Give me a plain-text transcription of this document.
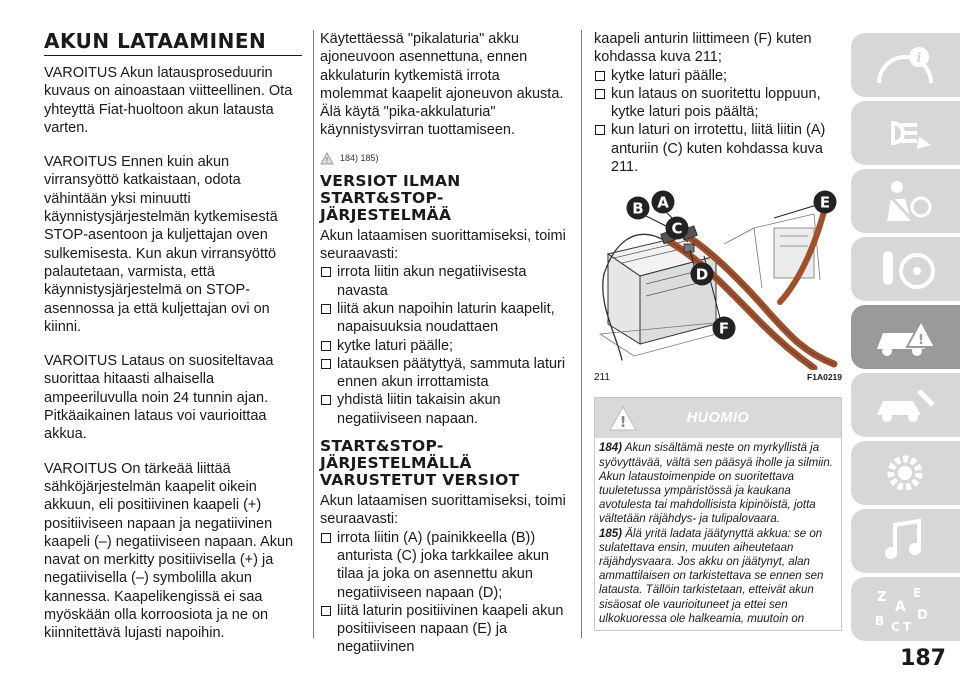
AKUN LATAAMINEN

VAROITUS Akun latausproseduurin kuvaus on ainoastaan viitteellinen. Ota yhteyttä Fiat-huoltoon akun latausta varten.

VAROITUS Ennen kuin akun virransyöttö katkaistaan, odota vähintään yksi minuutti käynnistysjärjestelmän kytkemisestä STOP-asentoon ja kuljettajan oven sulkemisesta. Kun akun virransyöttö palautetaan, varmista, että käynnistysjärjestelmä on STOP-asennossa ja että kuljettajan ovi on kiinni.

VAROITUS Lataus on suositeltavaa suorittaa hitaasti alhaisella ampeeriluvulla noin 24 tunnin ajan. Pitkäaikainen lataus voi vaurioittaa akkua.

VAROITUS On tärkeää liittää sähköjärjestelmän kaapelit oikein akkuun, eli positiivinen kaapeli (+) positiiviseen napaan ja negatiivinen kaapeli (–) negatiiviseen napaan. Akun navat on merkitty positiivisella (+) ja negatiivisella (–) symbolilla akun kannessa. Kaapelikengissä ei saa myöskään olla korroosiota ja ne on kiinnitettävä lujasti napoihin.

Käytettäessä "pikalaturia" akku ajoneuvoon asennettuna, ennen akkulaturin kytkemistä irrota molemmat kaapelit ajoneuvon akusta. Älä käytä "pika-akkulaturia" käynnistysvirran tuottamiseen.

! 184) 185)
VERSIOT ILMAN START&STOP-JÄRJESTELMÄÄ

Akun lataamisen suorittamiseksi, toimi seuraavasti:

irrota liitin akun negatiivisesta navasta
liitä akun napoihin laturin kaapelit, napaisuuksia noudattaen
kytke laturi päälle;
latauksen päätyttyä, sammuta laturi ennen akun irrottamista
yhdistä liitin takaisin akun negatiiviseen napaan.
START&STOP-JÄRJESTELMÄLLÄ VARUSTETUT VERSIOT

Akun lataamisen suorittamiseksi, toimi seuraavasti:

irrota liitin (A) (painikkeella (B)) anturista (C) joka tarkkailee akun tilaa ja joka on asennettu akun negatiiviseen napaan (D);
liitä laturin positiivinen kaapeli akun positiiviseen napaan (E) ja negatiivinen

kaapeli anturin liittimeen (F) kuten kohdassa kuva 211;

kytke laturi päälle;
kun lataus on suoritettu loppuun, kytke laturi pois päältä;
kun laturi on irrotettu, liitä liitin (A) anturiin (C) kuten kohdassa kuva 211.
B A
C
D
E
F
211	F1A0219
!	HUOMIO
184) Akun sisältämä neste on myrkyllistä ja syövyttävää, vältä sen pääsyä iholle ja silmiin. Akun lataustoimenpide on suoritettava tuuletetussa ympäristössä ja kaukana avotulesta tai mahdollisista kipinöistä, jotta vältetään räjähdys- ja tulipalovaara.
185) Älä yritä ladata jäätynyttä akkua: se on sulatettava ensin, muuten aiheutetaan räjähdysvaara. Jos akku on jäätynyt, alan ammattilaisen on tarkistettava se ennen sen latausta. Tällöin tarkistetaan, etteivät akun sisäosat ole vaurioituneet ja ettei sen ulkokuoressa ole halkeamia, muutoin on
i
!
Z E
A
B	D
C T
187
